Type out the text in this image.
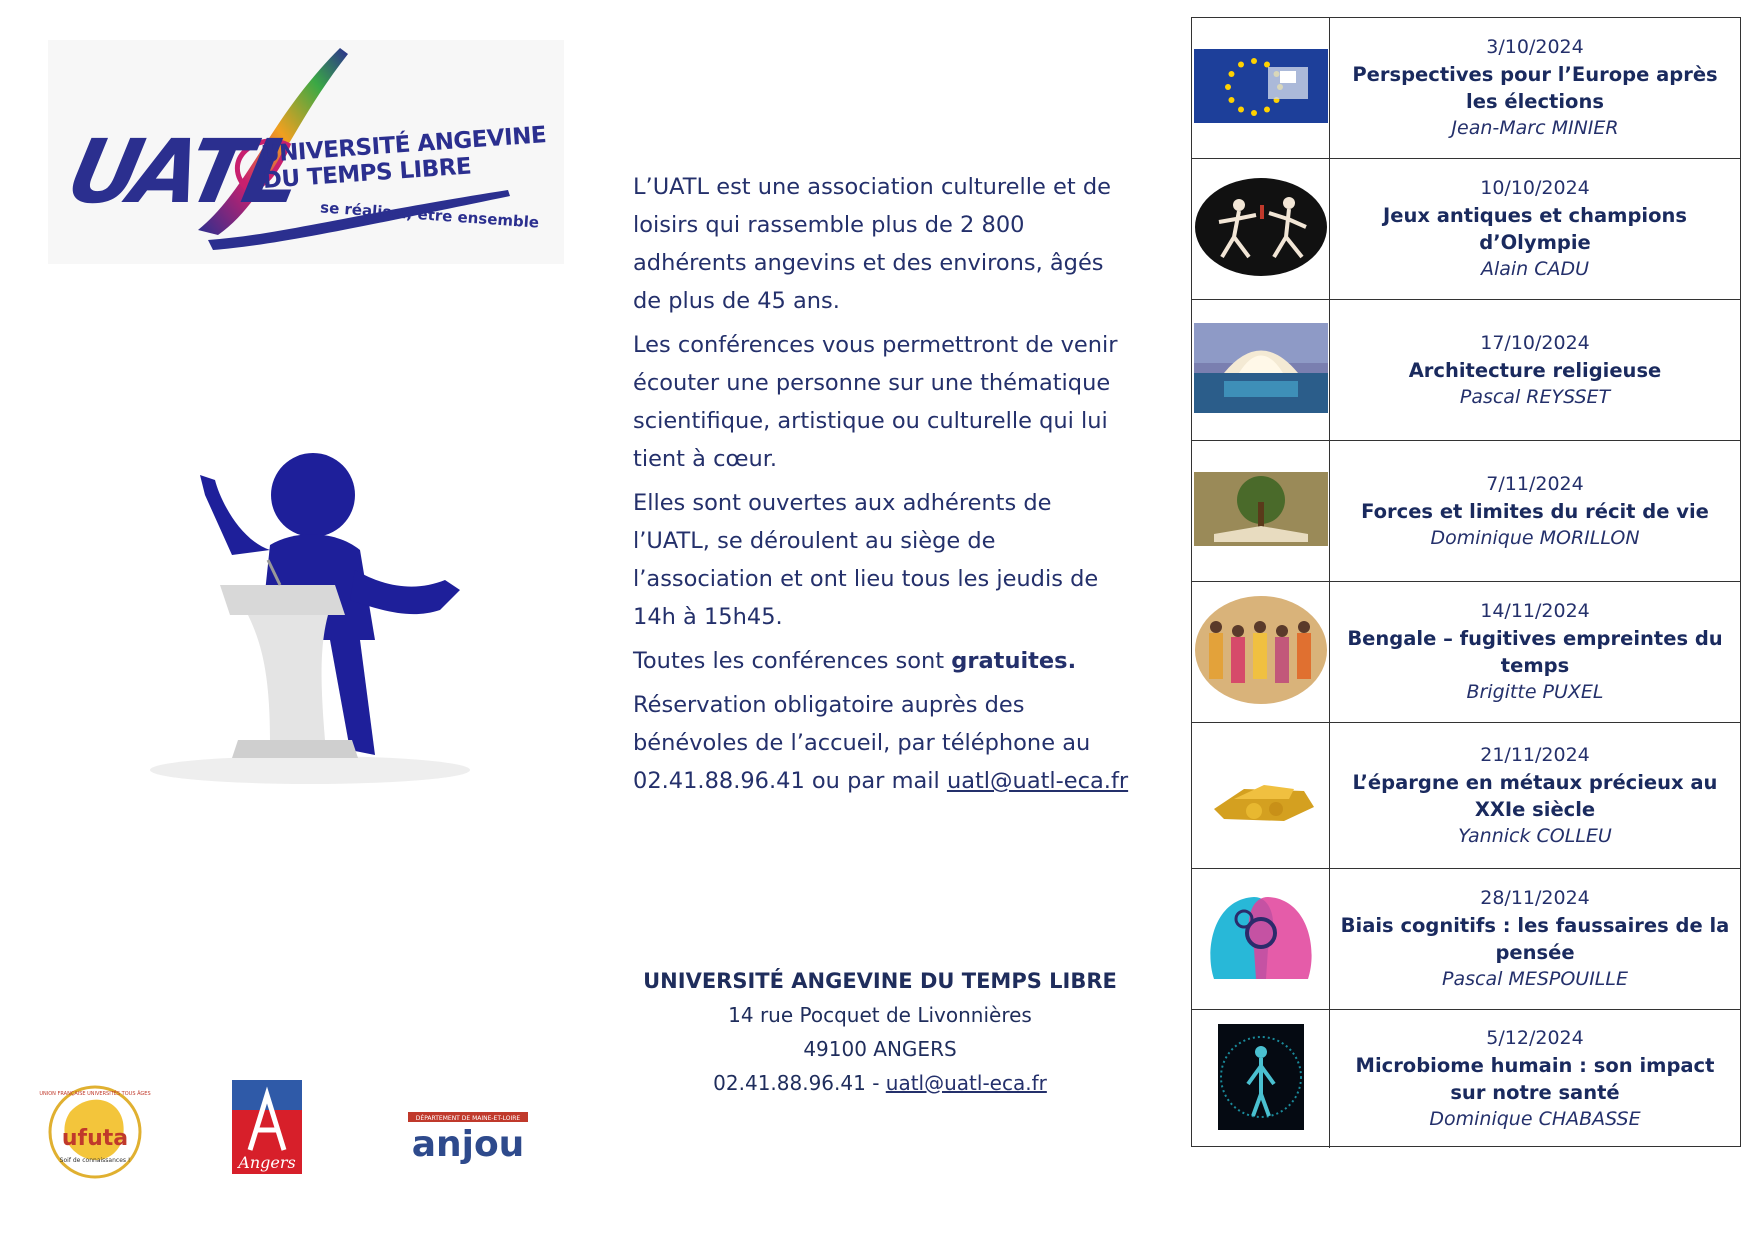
UATL
UNIVERSITÉ ANGEVINE DU TEMPS LIBRE
se réaliser, être ensemble

L’UATL est une association culturelle et de loisirs qui rassemble plus de 2 800 adhérents angevins et des environs, âgés de plus de 45 ans.

Les conférences vous permettront de venir écouter une personne sur une thématique scientifique, artistique ou culturelle qui lui tient à cœur.

Elles sont ouvertes aux adhérents de l’UATL, se déroulent au siège de l’association et ont lieu tous les jeudis de 14h à 15h45.

Toutes les conférences sont gratuites.

Réservation obligatoire auprès des bénévoles de l’accueil, par téléphone au 02.41.88.96.41 ou par mail uatl@uatl-eca.fr

UNIVERSITÉ ANGEVINE DU TEMPS LIBRE
14 rue Pocquet de Livonnières
49100 ANGERS
02.41.88.96.41 - uatl@uatl-eca.fr
ufuta
Soif de connaissances !
UNION FRANÇAISE UNIVERSITÉS TOUS ÂGES
Angers
DÉPARTEMENT DE MAINE-ET-LOIRE
anjou
3/10/2024
Perspectives pour l’Europe après les élections
Jean-Marc MINIER
10/10/2024
Jeux antiques et champions d’Olympie
Alain CADU
17/10/2024
Architecture religieuse
Pascal REYSSET
7/11/2024
Forces et limites du récit de vie
Dominique MORILLON
14/11/2024
Bengale – fugitives empreintes du temps
Brigitte PUXEL
21/11/2024
L’épargne en métaux précieux au XXIe siècle
Yannick COLLEU
28/11/2024
Biais cognitifs : les faussaires de la pensée
Pascal MESPOUILLE
5/12/2024
Microbiome humain : son impact sur notre santé
Dominique CHABASSE
